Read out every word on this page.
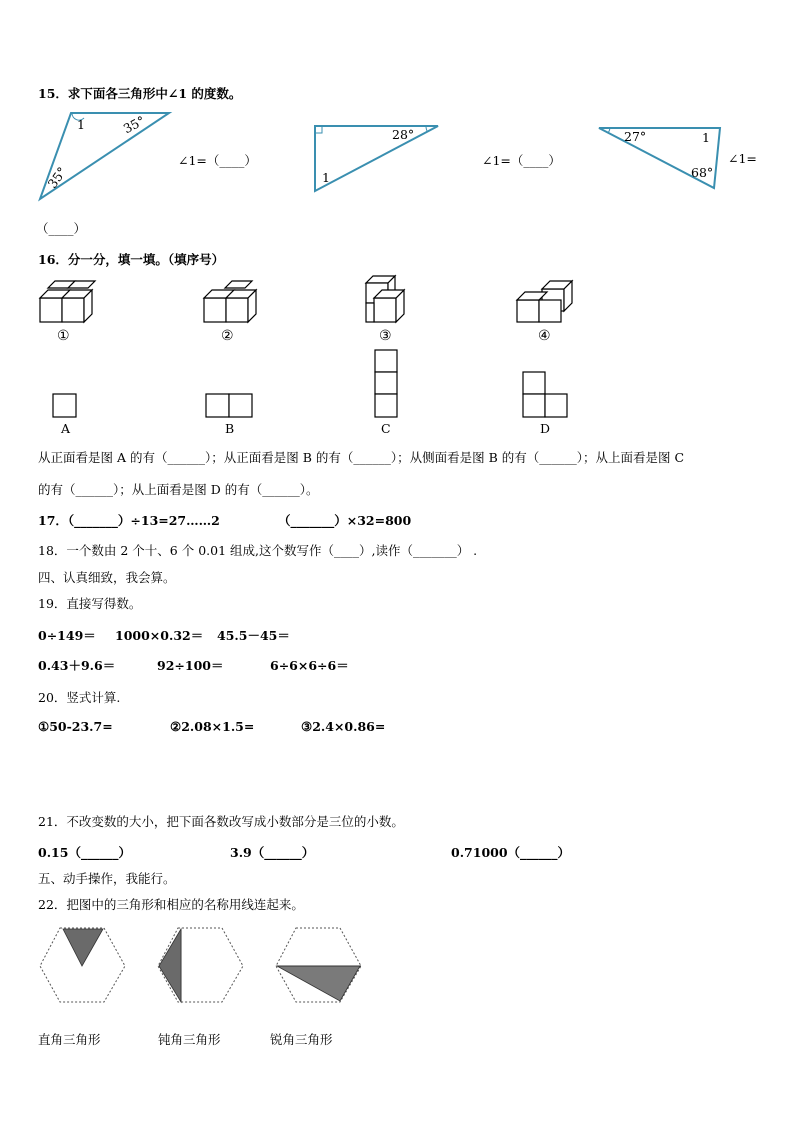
15．求下面各三角形中∠1 的度数。
1	35°
35°
28°
1
27°	1
68°
∠1=（____）	∠1=（____）	∠1=
（____）
16．分一分，填一填。（填序号）
①	②	③	④
A	B	C	D
从正面看是图 A 的有（______）；从正面看是图 B 的有（______）；从侧面看是图 B 的有（______）；从上面看是图 C
的有（______）；从上面看是图 D 的有（______）。
17．（_______）÷13=27……2	（_______）×32=800
18．一个数由 2 个十、6 个 0.01 组成,这个数写作（____）,读作（_______） .
四、认真细致，我会算。
19．直接写得数。
0÷149＝ 1000×0.32＝ 45.5－45＝
0.43＋9.6＝	92÷100＝	6÷6×6÷6＝
20．竖式计算.
①50-23.7=	②2.08×1.5=	③2.4×0.86=
21．不改变数的大小，把下面各数改写成小数部分是三位的小数。
0.15（______）	3.9（______）	0.71000（______）
五、动手操作，我能行。
22．把图中的三角形和相应的名称用线连起来。
直角三角形	钝角三角形	锐角三角形
